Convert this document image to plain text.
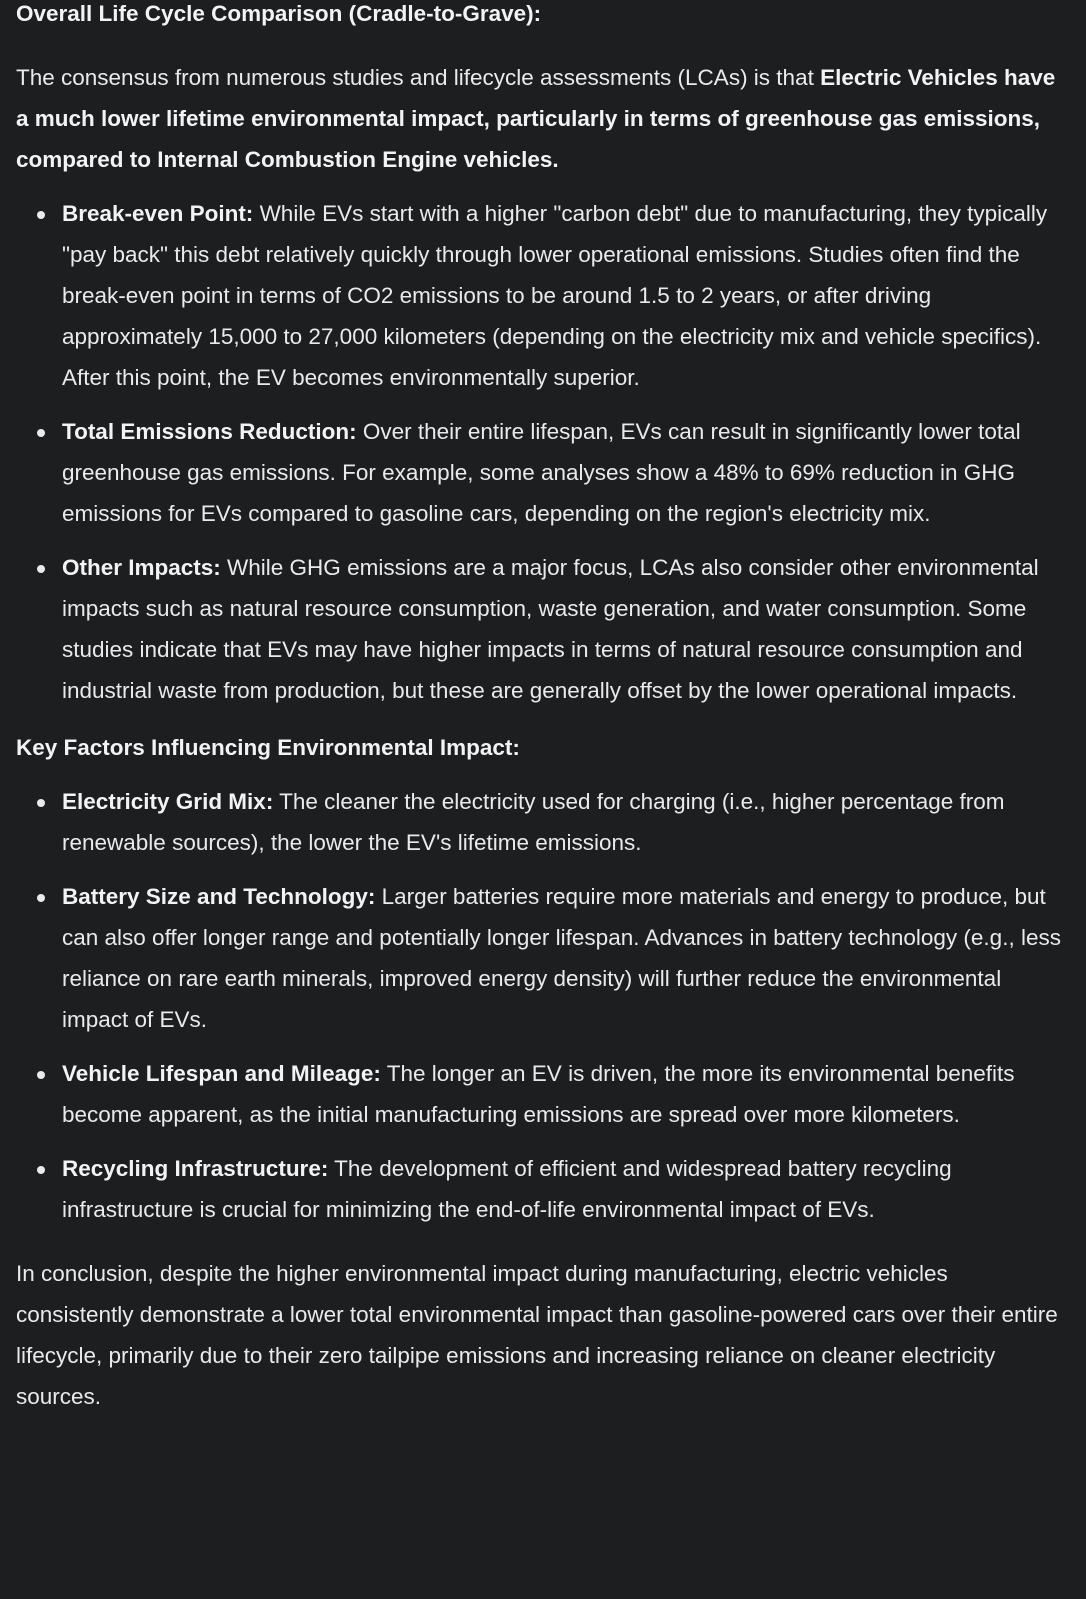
Overall Life Cycle Comparison (Cradle-to-Grave):

The consensus from numerous studies and lifecycle assessments (LCAs) is that Electric Vehicles have a much lower lifetime environmental impact, particularly in terms of greenhouse gas emissions, compared to Internal Combustion Engine vehicles.

Break-even Point: While EVs start with a higher "carbon debt" due to manufacturing, they typically "pay back" this debt relatively quickly through lower operational emissions. Studies often find the break-even point in terms of CO2 emissions to be around 1.5 to 2 years, or after driving approximately 15,000 to 27,000 kilometers (depending on the electricity mix and vehicle specifics). After this point, the EV becomes environmentally superior.
Total Emissions Reduction: Over their entire lifespan, EVs can result in significantly lower total greenhouse gas emissions. For example, some analyses show a 48% to 69% reduction in GHG emissions for EVs compared to gasoline cars, depending on the region's electricity mix.
Other Impacts: While GHG emissions are a major focus, LCAs also consider other environmental impacts such as natural resource consumption, waste generation, and water consumption. Some studies indicate that EVs may have higher impacts in terms of natural resource consumption and industrial waste from production, but these are generally offset by the lower operational impacts.
Key Factors Influencing Environmental Impact:
Electricity Grid Mix: The cleaner the electricity used for charging (i.e., higher percentage from renewable sources), the lower the EV's lifetime emissions.
Battery Size and Technology: Larger batteries require more materials and energy to produce, but can also offer longer range and potentially longer lifespan. Advances in battery technology (e.g., less reliance on rare earth minerals, improved energy density) will further reduce the environmental impact of EVs.
Vehicle Lifespan and Mileage: The longer an EV is driven, the more its environmental benefits become apparent, as the initial manufacturing emissions are spread over more kilometers.
Recycling Infrastructure: The development of efficient and widespread battery recycling infrastructure is crucial for minimizing the end-of-life environmental impact of EVs.

In conclusion, despite the higher environmental impact during manufacturing, electric vehicles consistently demonstrate a lower total environmental impact than gasoline-powered cars over their entire lifecycle, primarily due to their zero tailpipe emissions and increasing reliance on cleaner electricity sources.
